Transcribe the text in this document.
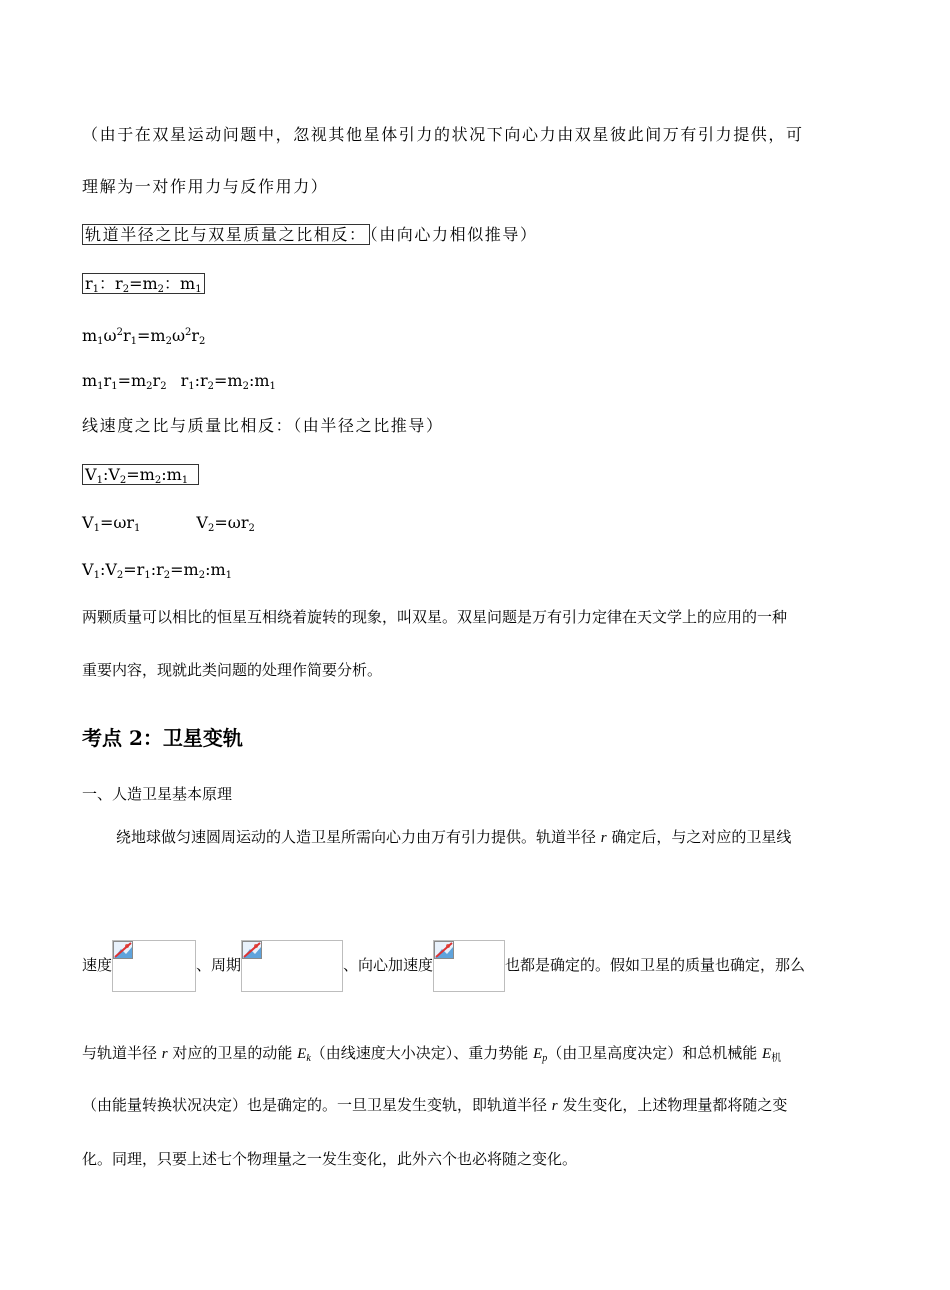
（由于在双星运动问题中，忽视其他星体引力的状况下向心力由双星彼此间万有引力提供，可
理解为一对作用力与反作用力）
轨道半径之比与双星质量之比相反： （由向心力相似推导）
$r_1$：$r_2=m_2$：$m_1$
$m_1\omega^2r_1=m_2\omega^2r_2$
$m_1r_1=m_2r_2$ $r_1:r_2=m_2:m_1$
线速度之比与质量比相反：（由半径之比推导）
$V_1:V_2=m_2:m_1$
$V_1=\omega r_1$	$V_2=\omega r_2$
$V_1:V_2=r_1:r_2=m_2:m_1$
两颗质量可以相比的恒星互相绕着旋转的现象，叫双星。双星问题是万有引力定律在天文学上的应用的一种
重要内容，现就此类问题的处理作简要分析。
考点 2：卫星变轨
一、人造卫星基本原理
绕地球做匀速圆周运动的人造卫星所需向心力由万有引力提供。轨道半径 r 确定后，与之对应的卫星线
速度	、周期	、向心加速度	也都是确定的。假如卫星的质量也确定，那么
与轨道半径 r 对应的卫星的动能 $E_k$（由线速度大小决定）、重力势能 $E_p$（由卫星高度决定）和总机械能 $E_机$
（由能量转换状况决定）也是确定的。一旦卫星发生变轨，即轨道半径 r 发生变化，上述物理量都将随之变
化。同理，只要上述七个物理量之一发生变化，此外六个也必将随之变化。
